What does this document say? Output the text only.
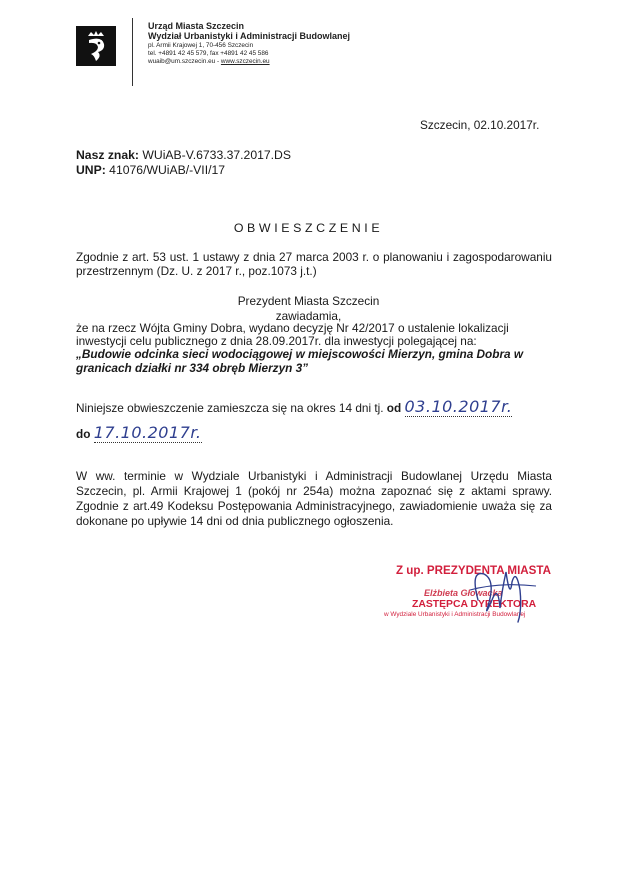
Urząd Miasta Szczecin
Wydział Urbanistyki i Administracji Budowlanej
pl. Armii Krajowej 1, 70-456 Szczecin
tel. +4891 42 45 579, fax +4891 42 45 586
wuaib@um.szczecin.eu - www.szczecin.eu
Szczecin, 02.10.2017r.
Nasz znak: WUiAB-V.6733.37.2017.DS
UNP: 41076/WUiAB/-VII/17
OBWIESZCZENIE
Zgodnie z art. 53 ust. 1 ustawy z dnia 27 marca 2003 r. o planowaniu i zagospodarowaniu przestrzennym (Dz. U. z 2017 r., poz.1073 j.t.)
Prezydent Miasta Szczecin
zawiadamia,
że na rzecz Wójta Gminy Dobra, wydano decyzję Nr 42/2017 o ustalenie lokalizacji inwestycji celu publicznego z dnia 28.09.2017r. dla inwestycji polegającej na:
„Budowie odcinka sieci wodociągowej w miejscowości Mierzyn, gmina Dobra w granicach działki nr 334 obręb Mierzyn 3”
Niniejsze obwieszczenie zamieszcza się na okres 14 dni tj. od 03.10.2017r.
do 17.10.2017r.
W ww. terminie w Wydziale Urbanistyki i Administracji Budowlanej Urzędu Miasta Szczecin, pl. Armii Krajowej 1 (pokój nr 254a) można zapoznać się z aktami sprawy. Zgodnie z art.49 Kodeksu Postępowania Administracyjnego, zawiadomienie uważa się za dokonane po upływie 14 dni od dnia publicznego ogłoszenia.
Z up. PREZYDENTA MIASTA
Elżbieta Głowacka
ZASTĘPCA DYREKTORA
w Wydziale Urbanistyki i Administracji Budowlanej
